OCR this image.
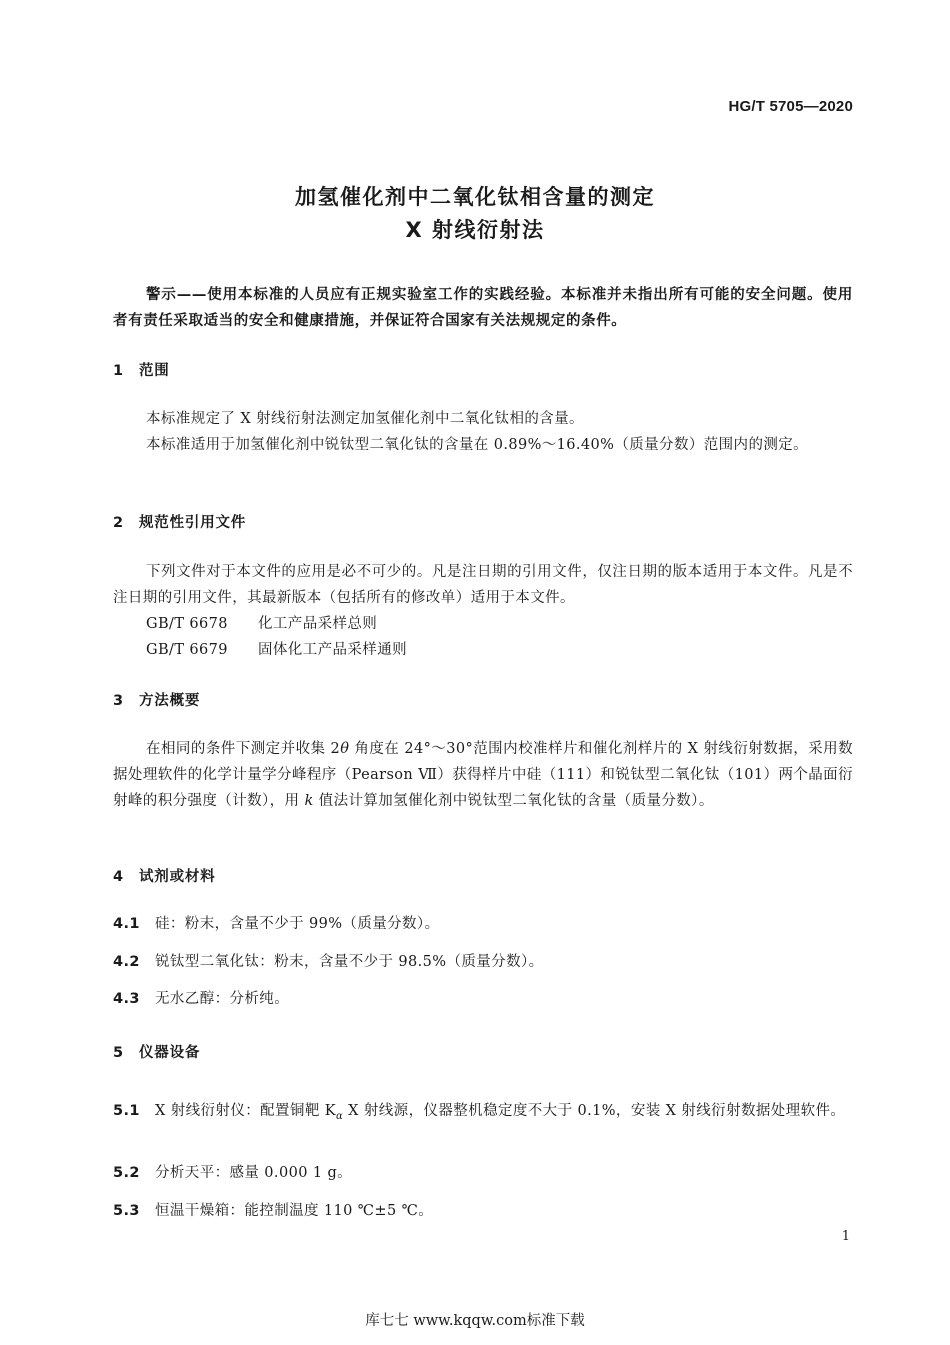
HG/T 5705—2020
加氢催化剂中二氧化钛相含量的测定
X 射线衍射法
警示——使用本标准的人员应有正规实验室工作的实践经验。本标准并未指出所有可能的安全问题。使用者有责任采取适当的安全和健康措施，并保证符合国家有关法规规定的条件。
1 范围
本标准规定了 X 射线衍射法测定加氢催化剂中二氧化钛相的含量。
本标准适用于加氢催化剂中锐钛型二氧化钛的含量在 0.89%～16.40%（质量分数）范围内的测定。
2 规范性引用文件
下列文件对于本文件的应用是必不可少的。凡是注日期的引用文件，仅注日期的版本适用于本文件。凡是不注日期的引用文件，其最新版本（包括所有的修改单）适用于本文件。
GB/T 6678 化工产品采样总则
GB/T 6679 固体化工产品采样通则
3 方法概要
在相同的条件下测定并收集 2θ 角度在 24°～30°范围内校准样片和催化剂样片的 X 射线衍射数据，采用数据处理软件的化学计量学分峰程序（Pearson Ⅶ）获得样片中硅（111）和锐钛型二氧化钛（101）两个晶面衍射峰的积分强度（计数），用 k 值法计算加氢催化剂中锐钛型二氧化钛的含量（质量分数）。
4 试剂或材料
4.1 硅：粉末，含量不少于 99%（质量分数）。
4.2 锐钛型二氧化钛：粉末，含量不少于 98.5%（质量分数）。
4.3 无水乙醇：分析纯。
5 仪器设备
5.1 X 射线衍射仪：配置铜靶 $K_\alpha$ X 射线源，仪器整机稳定度不大于 0.1%，安装 X 射线衍射数据处理软件。
5.2 分析天平：感量 0.000 1 g。
5.3 恒温干燥箱：能控制温度 110 ℃±5 ℃。
1
库七七 www.kqqw.com标准下载
